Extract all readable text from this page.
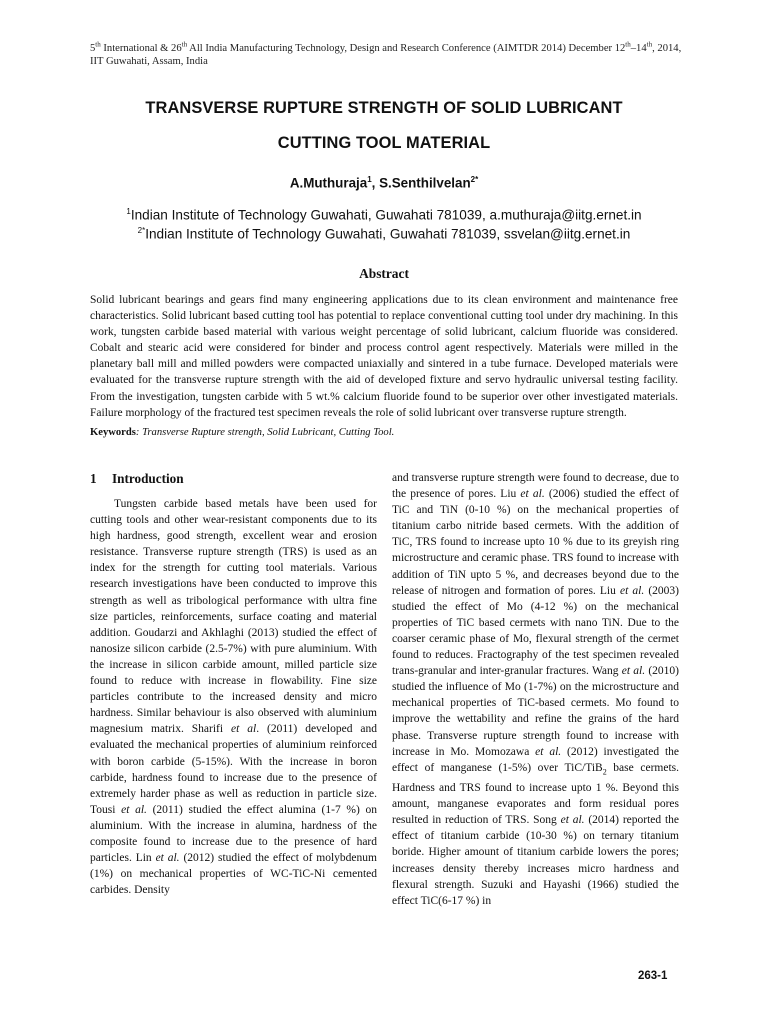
5th International & 26th All India Manufacturing Technology, Design and Research Conference (AIMTDR 2014) December 12th–14th, 2014, IIT Guwahati, Assam, India
TRANSVERSE RUPTURE STRENGTH OF SOLID LUBRICANT
CUTTING TOOL MATERIAL
A.Muthuraja$^1$, S.Senthilvelan$^{2*}$
$^1$Indian Institute of Technology Guwahati, Guwahati 781039, a.muthuraja@iitg.ernet.in
$^{2*}$Indian Institute of Technology Guwahati, Guwahati 781039, ssvelan@iitg.ernet.in
Abstract

Solid lubricant bearings and gears find many engineering applications due to its clean environment and maintenance free characteristics. Solid lubricant based cutting tool has potential to replace conventional cutting tool under dry machining. In this work, tungsten carbide based material with various weight percentage of solid lubricant, calcium fluoride was considered. Cobalt and stearic acid were considered for binder and process control agent respectively. Materials were milled in the planetary ball mill and milled powders were compacted uniaxially and sintered in a tube furnace. Developed materials were evaluated for the transverse rupture strength with the aid of developed fixture and servo hydraulic universal testing facility. From the investigation, tungsten carbide with 5 wt.% calcium fluoride found to be superior over other investigated materials. Failure morphology of the fractured test specimen reveals the role of solid lubricant over transverse rupture strength.

Keywords: Transverse Rupture strength, Solid Lubricant, Cutting Tool.
1 Introduction

Tungsten carbide based metals have been used for cutting tools and other wear-resistant components due to its high hardness, good strength, excellent wear and erosion resistance. Transverse rupture strength (TRS) is used as an index for the strength for cutting tool materials. Various research investigations have been conducted to improve this strength as well as tribological performance with ultra fine size particles, reinforcements, surface coating and material addition. Goudarzi and Akhlaghi (2013) studied the effect of nanosize silicon carbide (2.5-7%) with pure aluminium. With the increase in silicon carbide amount, milled particle size found to reduce with increase in flowability. Fine size particles contribute to the increased density and micro hardness. Similar behaviour is also observed with aluminium magnesium matrix. Sharifi et al. (2011) developed and evaluated the mechanical properties of aluminium reinforced with boron carbide (5-15%). With the increase in boron carbide, hardness found to increase due to the presence of extremely harder phase as well as reduction in particle size. Tousi et al. (2011) studied the effect alumina (1-7 %) on aluminium. With the increase in alumina, hardness of the composite found to increase due to the presence of hard particles. Lin et al. (2012) studied the effect of molybdenum (1%) on mechanical properties of WC-TiC-Ni cemented carbides. Density

and transverse rupture strength were found to decrease, due to the presence of pores. Liu et al. (2006) studied the effect of TiC and TiN (0-10 %) on the mechanical properties of titanium carbo nitride based cermets. With the addition of TiC, TRS found to increase upto 10 % due to its greyish ring microstructure and ceramic phase. TRS found to increase with addition of TiN upto 5 %, and decreases beyond due to the release of nitrogen and formation of pores. Liu et al. (2003) studied the effect of Mo (4-12 %) on the mechanical properties of TiC based cermets with nano TiN. Due to the coarser ceramic phase of Mo, flexural strength of the cermet found to reduces. Fractography of the test specimen revealed trans-granular and inter-granular fractures. Wang et al. (2010) studied the influence of Mo (1-7%) on the microstructure and mechanical properties of TiC-based cermets. Mo found to improve the wettability and refine the grains of the hard phase. Transverse rupture strength found to increase with increase in Mo. Momozawa et al. (2012) investigated the effect of manganese (1-5%) over TiC/TiB$_2$ base cermets. Hardness and TRS found to increase upto 1 %. Beyond this amount, manganese evaporates and form residual pores resulted in reduction of TRS. Song et al. (2014) reported the effect of titanium carbide (10-30 %) on ternary titanium boride. Higher amount of titanium carbide lowers the pores; increases density thereby increases micro hardness and flexural strength. Suzuki and Hayashi (1966) studied the effect TiC(6-17 %) in

263-1
